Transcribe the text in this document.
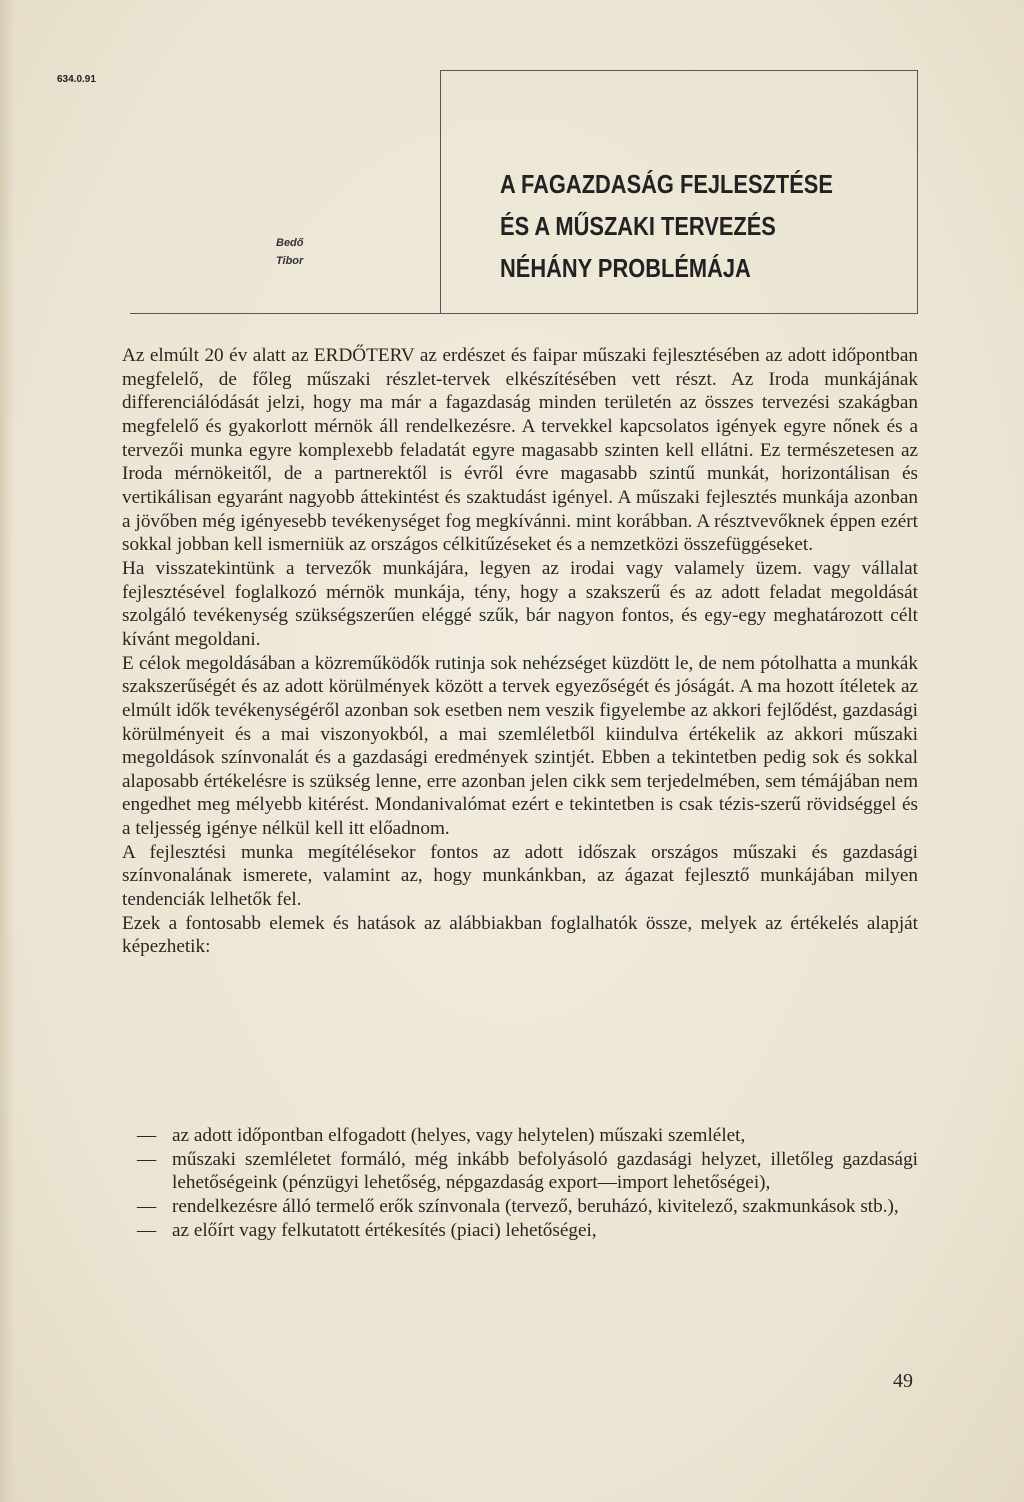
634.0.91
Bedő
Tibor
A FAGAZDASÁG FEJLESZTÉSE
ÉS A MŰSZAKI TERVEZÉS
NÉHÁNY PROBLÉMÁJA

Az elmúlt 20 év alatt az ERDŐTERV az erdészet és faipar műszaki fejlesztésében az adott időpontban megfelelő, de főleg műszaki részlet-tervek elkészítésében vett részt. Az Iroda munkájának differenciálódását jelzi, hogy ma már a fagazdaság minden területén az összes tervezési szakágban megfelelő és gyakorlott mérnök áll rendelkezésre. A tervekkel kapcsolatos igények egyre nőnek és a tervezői munka egyre komplexebb feladatát egyre magasabb szinten kell ellátni. Ez természetesen az Iroda mérnökeitől, de a partnerektől is évről évre magasabb szintű munkát, horizontálisan és vertikálisan egyaránt nagyobb áttekintést és szaktudást igényel. A műszaki fejlesztés munkája azonban a jövőben még igényesebb tevékenységet fog megkívánni. mint korábban. A résztvevőknek éppen ezért sokkal jobban kell ismerniük az országos célkitűzéseket és a nemzetközi összefüggéseket.

Ha visszatekintünk a tervezők munkájára, legyen az irodai vagy valamely üzem. vagy vállalat fejlesztésével foglalkozó mérnök munkája, tény, hogy a szakszerű és az adott feladat megoldását szolgáló tevékenység szükségszerűen eléggé szűk, bár nagyon fontos, és egy-egy meghatározott célt kívánt megoldani.

E célok megoldásában a közreműködők rutinja sok nehézséget küzdött le, de nem pótolhatta a munkák szakszerűségét és az adott körülmények között a tervek egyezőségét és jóságát. A ma hozott ítéletek az elmúlt idők tevékenységéről azonban sok esetben nem veszik figyelembe az akkori fejlődést, gazdasági körülményeit és a mai viszonyokból, a mai szemléletből kiindulva értékelik az akkori műszaki megoldások színvonalát és a gazdasági eredmények szintjét. Ebben a tekintetben pedig sok és sokkal alaposabb értékelésre is szükség lenne, erre azonban jelen cikk sem terjedelmében, sem témájában nem engedhet meg mélyebb kitérést. Mondanivalómat ezért e tekintetben is csak tézis-szerű rövidséggel és a teljesség igénye nélkül kell itt előadnom.

A fejlesztési munka megítélésekor fontos az adott időszak országos műszaki és gazdasági színvonalának ismerete, valamint az, hogy munkánkban, az ágazat fejlesztő munkájában milyen tendenciák lelhetők fel.

Ezek a fontosabb elemek és hatások az alábbiakban foglalhatók össze, melyek az értékelés alapját képezhetik:

— az adott időpontban elfogadott (helyes, vagy helytelen) műszaki szemlélet,
— műszaki szemléletet formáló, még inkább befolyásoló gazdasági helyzet, illetőleg gazdasági lehetőségeink (pénzügyi lehetőség, népgazdaság export—import lehetőségei),
— rendelkezésre álló termelő erők színvonala (tervező, beruházó, kivitelező, szakmunkások stb.),
— az előírt vagy felkutatott értékesítés (piaci) lehetőségei,
49
